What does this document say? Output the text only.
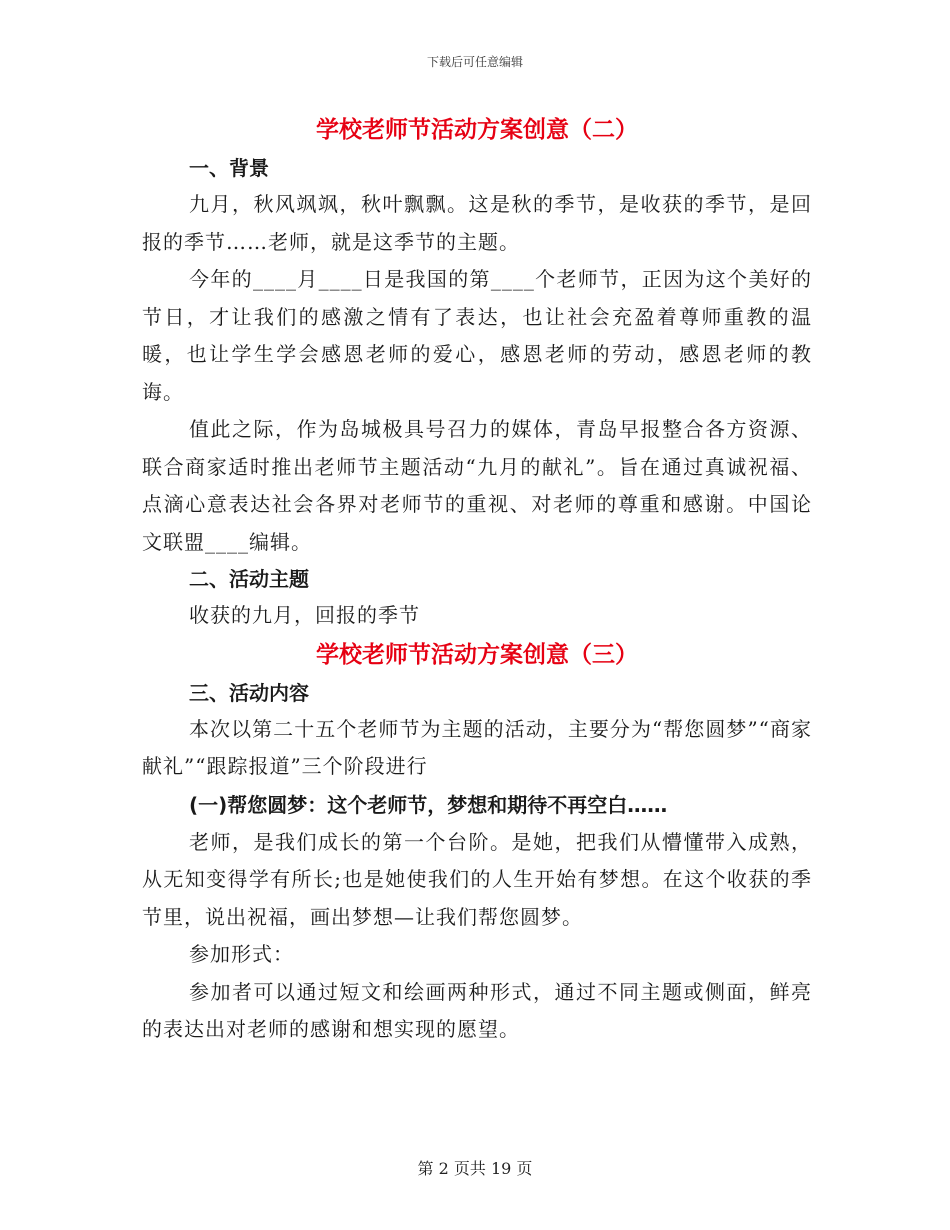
下载后可任意编辑
学校老师节活动方案创意（二）
一、背景

九月，秋风飒飒，秋叶飘飘。这是秋的季节，是收获的季节，是回报的季节……老师，就是这季节的主题。

今年的____月____日是我国的第____个老师节，正因为这个美好的节日，才让我们的感激之情有了表达，也让社会充盈着尊师重教的温暖，也让学生学会感恩老师的爱心，感恩老师的劳动，感恩老师的教诲。

值此之际，作为岛城极具号召力的媒体，青岛早报整合各方资源、联合商家适时推出老师节主题活动“九月的献礼”。旨在通过真诚祝福、点滴心意表达社会各界对老师节的重视、对老师的尊重和感谢。中国论文联盟____编辑。

二、活动主题

收获的九月，回报的季节

学校老师节活动方案创意（三）
三、活动内容

本次以第二十五个老师节为主题的活动，主要分为“帮您圆梦”“商家献礼”“跟踪报道”三个阶段进行

(一)帮您圆梦：这个老师节，梦想和期待不再空白……

老师，是我们成长的第一个台阶。是她，把我们从懵懂带入成熟，从无知变得学有所长;也是她使我们的人生开始有梦想。在这个收获的季节里，说出祝福，画出梦想—让我们帮您圆梦。

参加形式：

参加者可以通过短文和绘画两种形式，通过不同主题或侧面，鲜亮的表达出对老师的感谢和想实现的愿望。

第 2 页共 19 页
